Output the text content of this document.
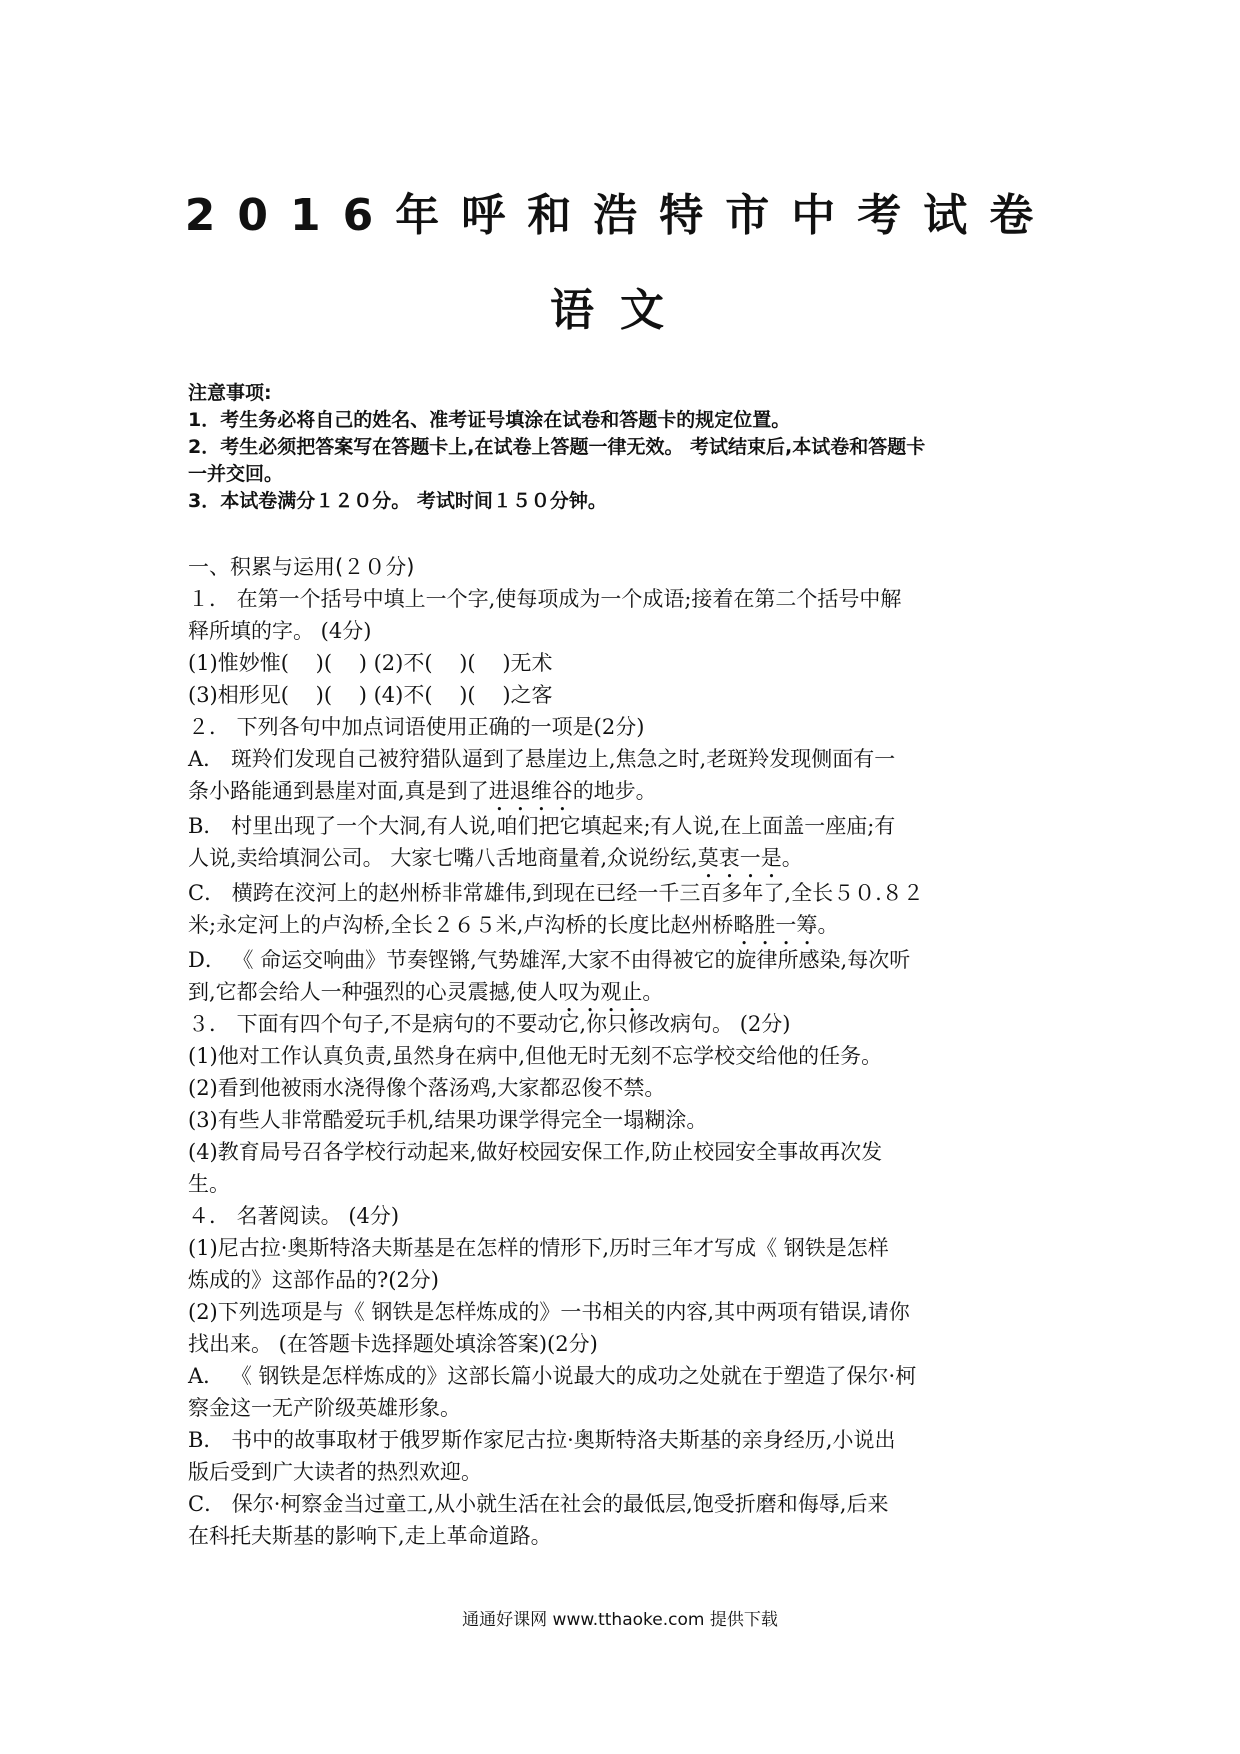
2016年呼和浩特市中考试卷
语文
注意事项:
1．考生务必将自己的姓名、准考证号填涂在试卷和答题卡的规定位置。
2．考生必须把答案写在答题卡上,在试卷上答题一律无效。 考试结束后,本试卷和答题卡
一并交回。
3．本试卷满分１２０分。 考试时间１５０分钟。
一、积累与运用(２０分)
１． 在第一个括号中填上一个字,使每项成为一个成语;接着在第二个括号中解
释所填的字。 (4分)
(1)惟妙惟(    )(    ) (2)不(    )(    )无术
(3)相形见(    )(    ) (4)不(    )(    )之客
２． 下列各句中加点词语使用正确的一项是(2分)
A． 斑羚们发现自己被狩猎队逼到了悬崖边上,焦急之时,老斑羚发现侧面有一
条小路能通到悬崖对面,真是到了进退维谷的地步。
B． 村里出现了一个大洞,有人说,咱们把它填起来;有人说,在上面盖一座庙;有
人说,卖给填洞公司。 大家七嘴八舌地商量着,众说纷纭,莫衷一是。
C． 横跨在洨河上的赵州桥非常雄伟,到现在已经一千三百多年了,全长５０.８２
米;永定河上的卢沟桥,全长２６５米,卢沟桥的长度比赵州桥略胜一筹。
D． 《 命运交响曲》节奏铿锵,气势雄浑,大家不由得被它的旋律所感染,每次听
到,它都会给人一种强烈的心灵震撼,使人叹为观止。
３． 下面有四个句子,不是病句的不要动它,你只修改病句。 (2分)
(1)他对工作认真负责,虽然身在病中,但他无时无刻不忘学校交给他的任务。
(2)看到他被雨水浇得像个落汤鸡,大家都忍俊不禁。
(3)有些人非常酷爱玩手机,结果功课学得完全一塌糊涂。
(4)教育局号召各学校行动起来,做好校园安保工作,防止校园安全事故再次发
生。
４． 名著阅读。 (4分)
(1)尼古拉·奥斯特洛夫斯基是在怎样的情形下,历时三年才写成《 钢铁是怎样
炼成的》这部作品的?(2分)
(2)下列选项是与《 钢铁是怎样炼成的》一书相关的内容,其中两项有错误,请你
找出来。 (在答题卡选择题处填涂答案)(2分)
A． 《 钢铁是怎样炼成的》这部长篇小说最大的成功之处就在于塑造了保尔·柯
察金这一无产阶级英雄形象。
B． 书中的故事取材于俄罗斯作家尼古拉·奥斯特洛夫斯基的亲身经历,小说出
版后受到广大读者的热烈欢迎。
C． 保尔·柯察金当过童工,从小就生活在社会的最低层,饱受折磨和侮辱,后来
在科托夫斯基的影响下,走上革命道路。
通通好课网 www.tthaoke.com 提供下载
